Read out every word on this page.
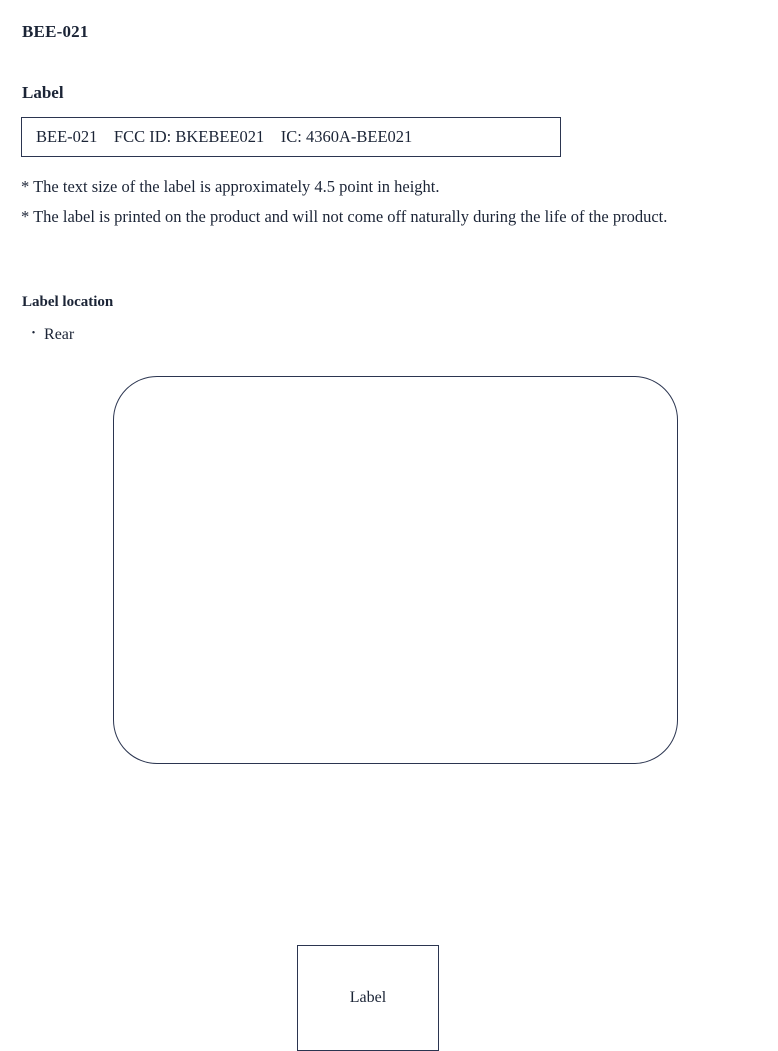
BEE-021
Label
BEE-021    FCC ID: BKEBEE021    IC: 4360A-BEE021
* The text size of the label is approximately 4.5 point in height.
* The label is printed on the product and will not come off naturally during the life of the product.
Label location
・ Rear
Label
